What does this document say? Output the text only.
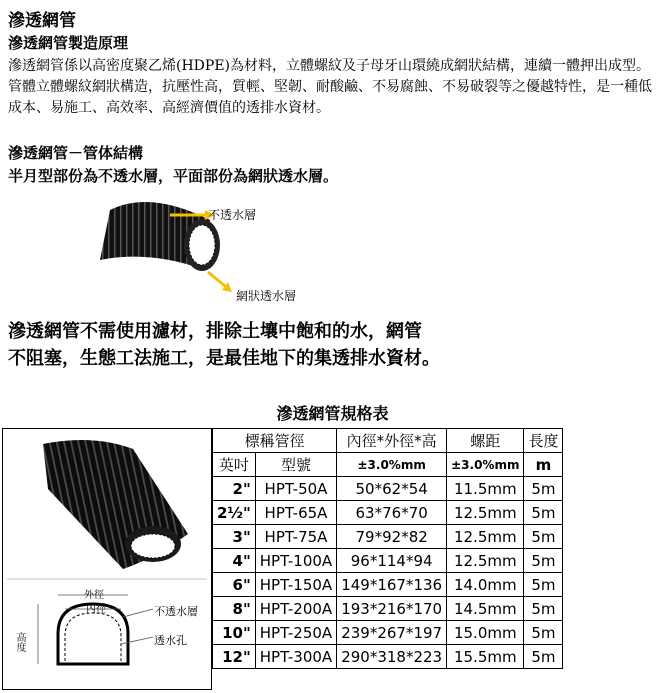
滲透網管
滲透網管製造原理
滲透網管係以高密度聚乙烯(HDPE)為材料，立體螺紋及子母牙山環繞成網狀結構，連續一體押出成型。管體立體螺紋網狀構造，抗壓性高，質輕、堅韌、耐酸鹼、不易腐蝕、不易破裂等之優越特性，是一種低成本、易施工、高效率、高經濟價值的透排水資材。
滲透網管－管体結構
半月型部份為不透水層，平面部份為網狀透水層。
不透水層
網狀透水層
滲透網管不需使用濾材，排除土壤中飽和的水，網管
不阻塞，生態工法施工，是最佳地下的集透排水資材。
滲透網管規格表
外徑
內徑	不透水層
透水孔
高度
標稱管徑		內徑*外徑*高	螺距	長度
英吋	型號	±3.0%mm	±3.0%mm	m
2"	HPT-50A	50*62*54	11.5mm	5m
2½"	HPT-65A	63*76*70	12.5mm	5m
3"	HPT-75A	79*92*82	12.5mm	5m
4"	HPT-100A	96*114*94	12.5mm	5m
6"	HPT-150A	149*167*136	14.0mm	5m
8"	HPT-200A	193*216*170	14.5mm	5m
10"	HPT-250A	239*267*197	15.0mm	5m
12"	HPT-300A	290*318*223	15.5mm	5m
